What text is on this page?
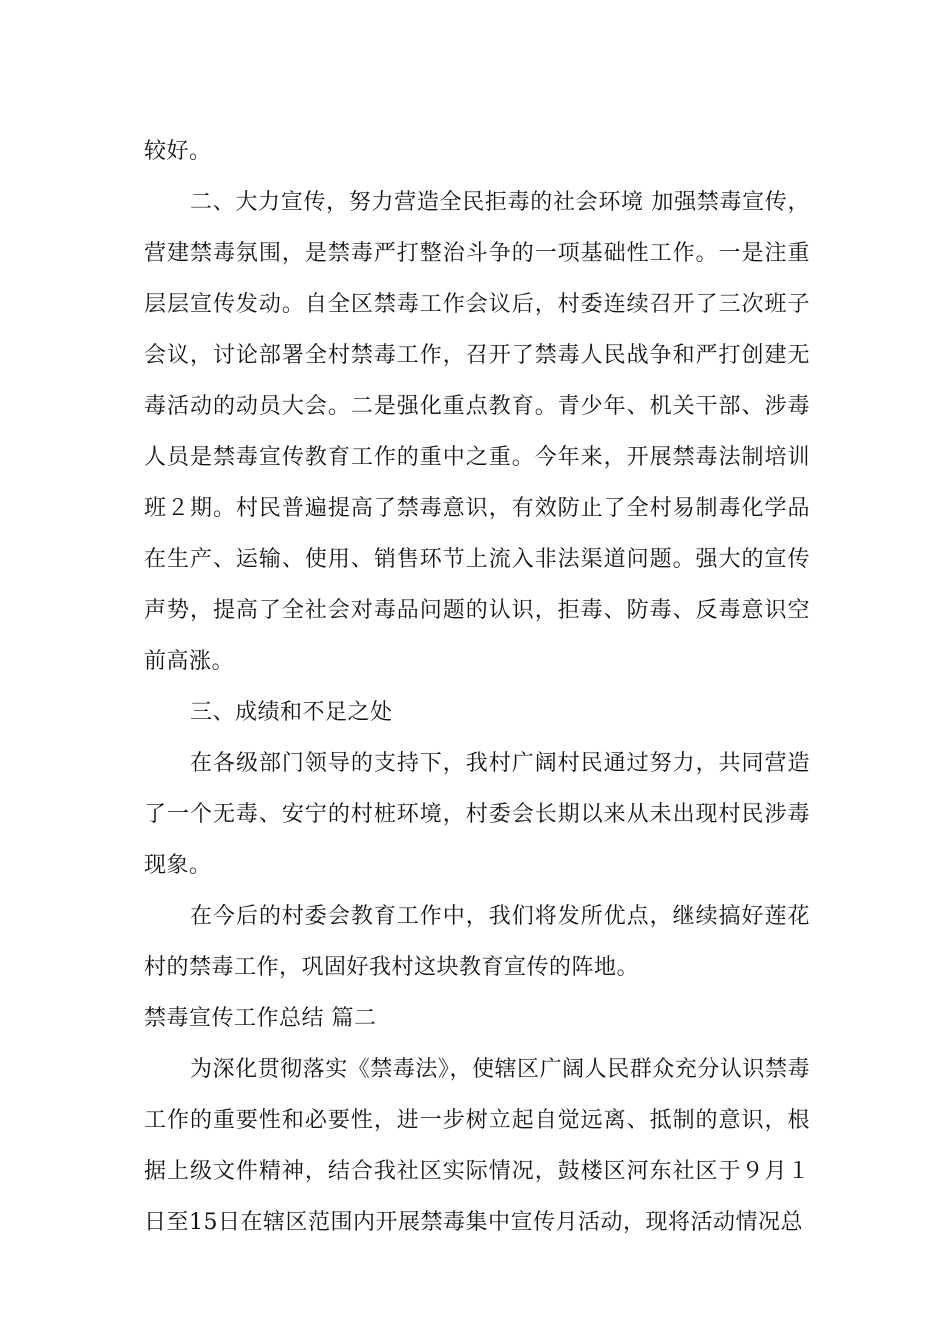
较好。

二、大力宣传，努力营造全民拒毒的社会环境 加强禁毒宣传，营建禁毒氛围，是禁毒严打整治斗争的一项基础性工作。一是注重层层宣传发动。自全区禁毒工作会议后，村委连续召开了三次班子会议，讨论部署全村禁毒工作，召开了禁毒人民战争和严打创建无毒活动的动员大会。二是强化重点教育。青少年、机关干部、涉毒人员是禁毒宣传教育工作的重中之重。今年来，开展禁毒法制培训班２期。村民普遍提高了禁毒意识，有效防止了全村易制毒化学品在生产、运输、使用、销售环节上流入非法渠道问题。强大的宣传声势，提高了全社会对毒品问题的认识，拒毒、防毒、反毒意识空前高涨。

三、成绩和不足之处

在各级部门领导的支持下，我村广阔村民通过努力，共同营造了一个无毒、安宁的村桩环境，村委会长期以来从未出现村民涉毒现象。

在今后的村委会教育工作中，我们将发所优点，继续搞好莲花村的禁毒工作，巩固好我村这块教育宣传的阵地。

禁毒宣传工作总结 篇二

为深化贯彻落实《禁毒法》，使辖区广阔人民群众充分认识禁毒工作的重要性和必要性，进一步树立起自觉远离、抵制的意识，根据上级文件精神，结合我社区实际情况，鼓楼区河东社区于９月１日至15日在辖区范围内开展禁毒集中宣传月活动，现将活动情况总
